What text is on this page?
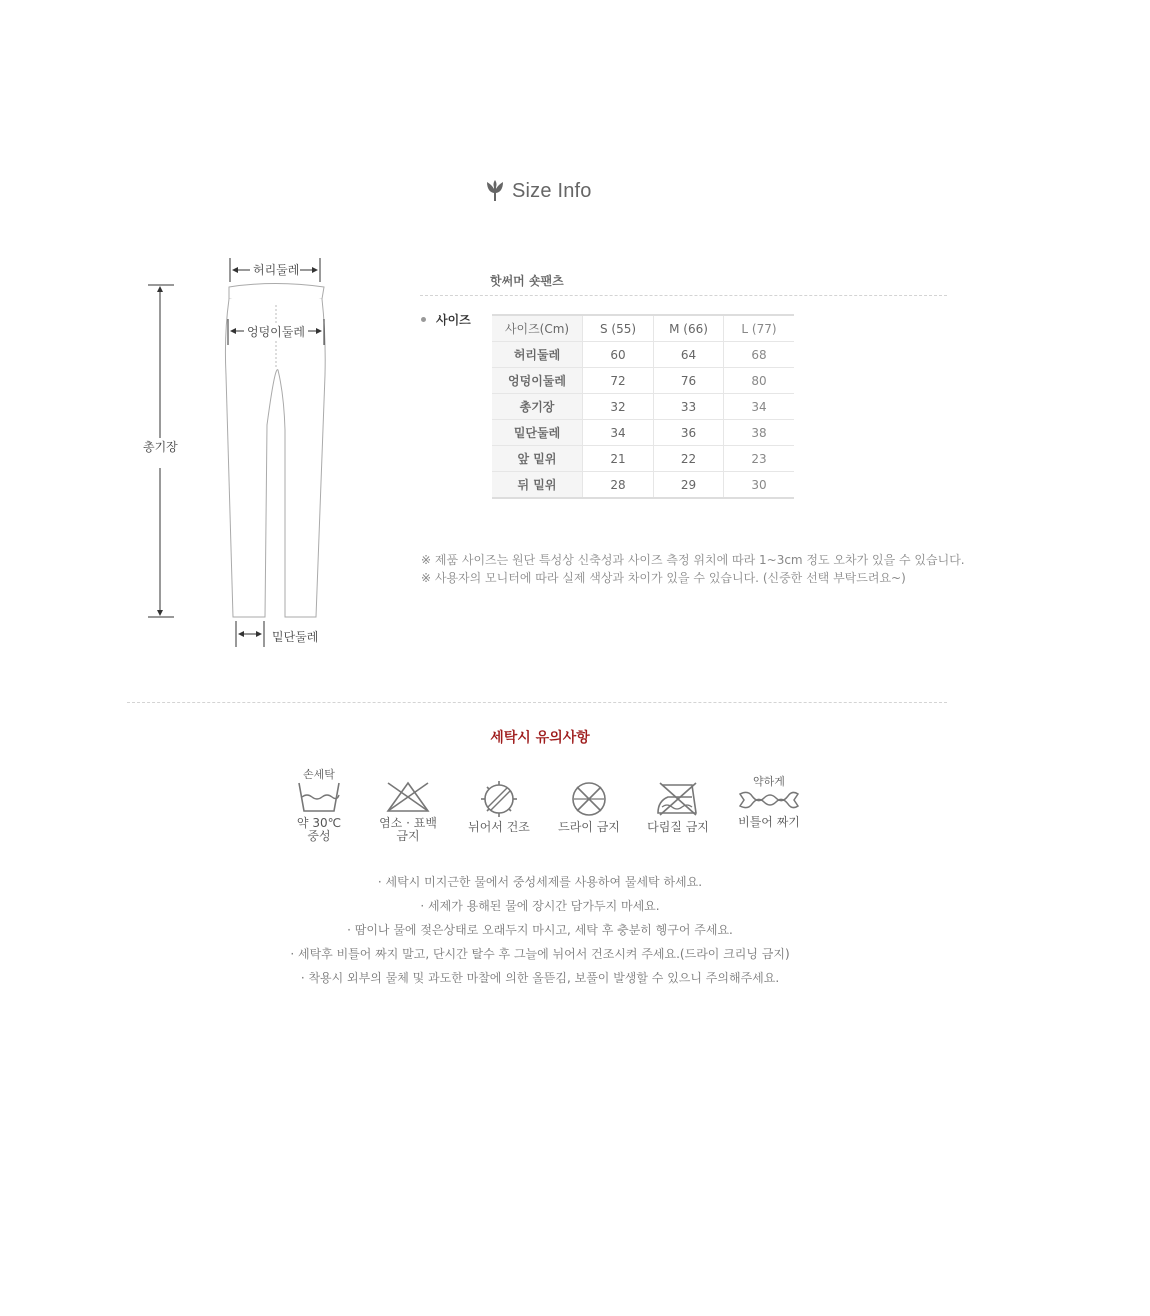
Size Info
허리둘레
엉덩이둘레
총기장
밑단둘레
핫써머 숏팬츠
사이즈
사이즈(Cm)	S (55)	M (66)	L (77)
허리둘레	60	64	68
엉덩이둘레	72	76	80
총기장	32	33	34
밑단둘레	34	36	38
앞 밑위	21	22	23
뒤 밑위	28	29	30
※ 제품 사이즈는 원단 특성상 신축성과 사이즈 측정 위치에 따라 1~3cm 정도 오차가 있을 수 있습니다.
※ 사용자의 모니터에 따라 실제 색상과 차이가 있을 수 있습니다. (신중한 선택 부탁드려요~)
세탁시 유의사항
손세탁
약 30℃
중성
염소 · 표백 금지
뉘어서 건조	드라이 금지	다림질 금지
약하게
비틀어 짜기
· 세탁시 미지근한 물에서 중성세제를 사용하여 물세탁 하세요.
· 세제가 용해된 물에 장시간 담가두지 마세요.
· 땀이나 물에 젖은상태로 오래두지 마시고, 세탁 후 충분히 헹구어 주세요.
· 세탁후 비틀어 짜지 말고, 단시간 탈수 후 그늘에 뉘어서 건조시켜 주세요.(드라이 크리닝 금지)
· 착용시 외부의 물체 및 과도한 마찰에 의한 올뜯김, 보풀이 발생할 수 있으니 주의해주세요.
